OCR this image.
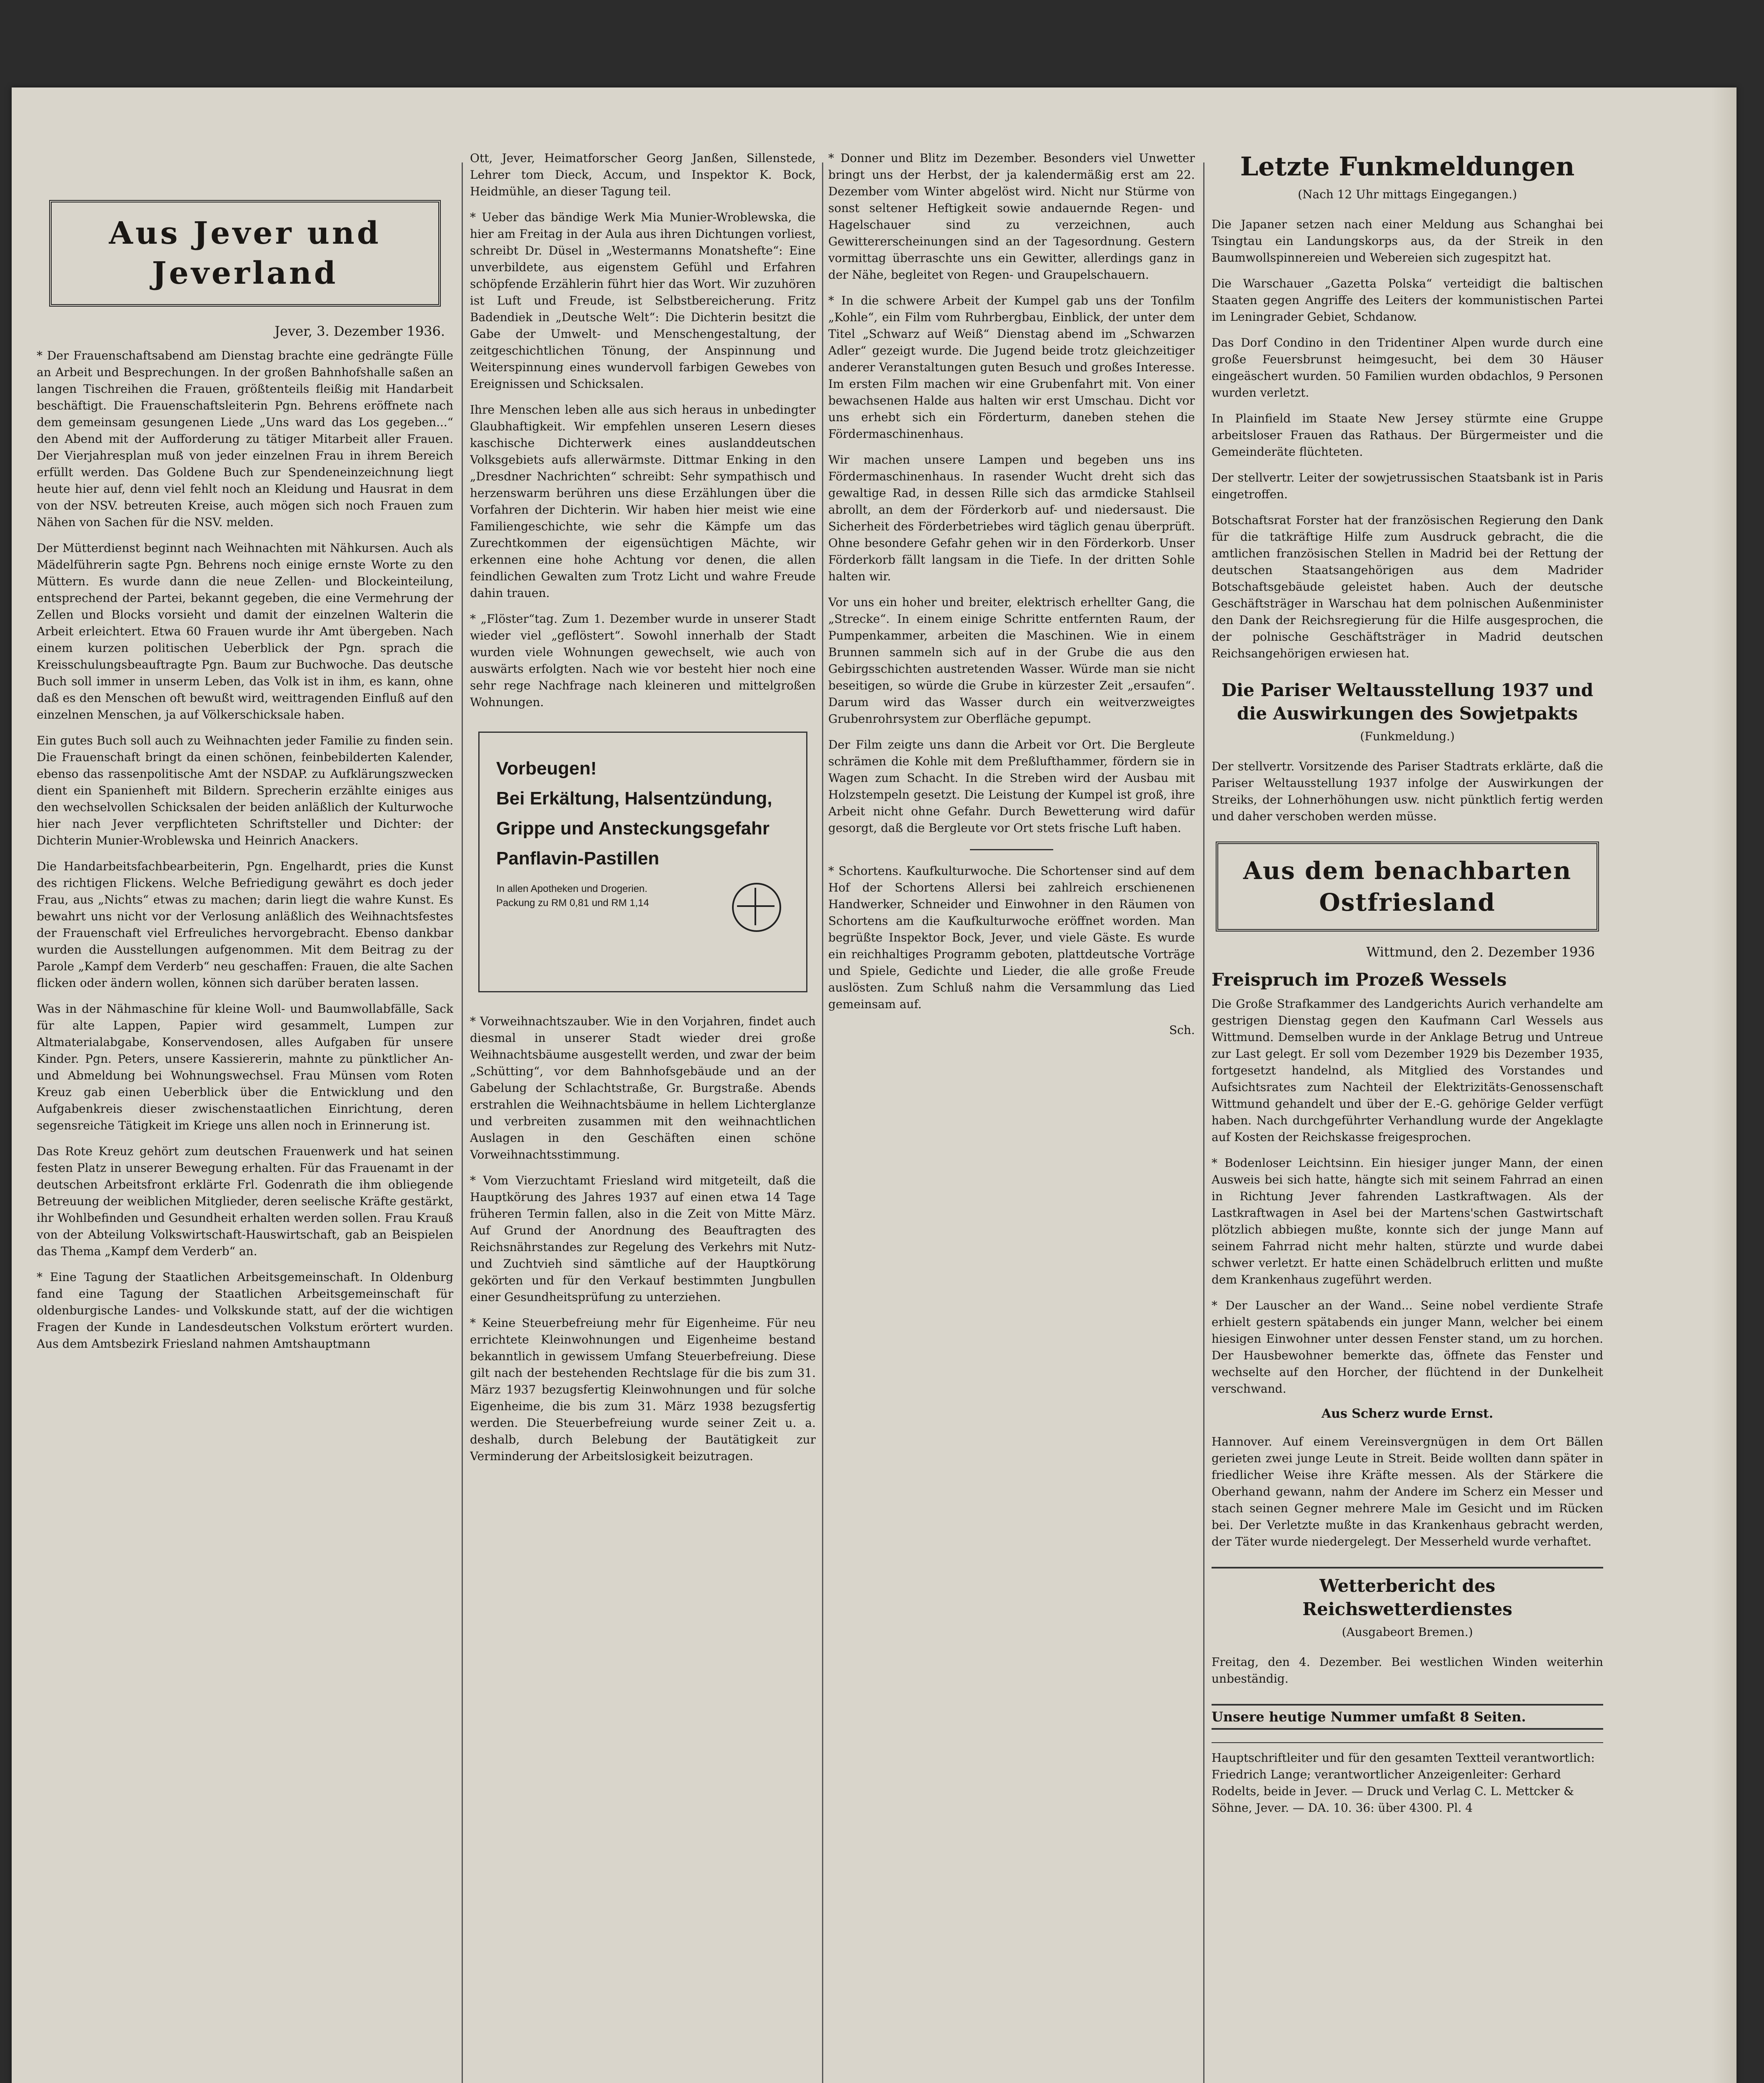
Aus Jever und Jeverland
Jever, 3. Dezember 1936.

* Der Frauenschaftsabend am Dienstag brachte eine gedrängte Fülle an Arbeit und Besprechungen. In der großen Bahnhofshalle saßen an langen Tischreihen die Frauen, größtenteils fleißig mit Handarbeit beschäftigt. Die Frauenschaftsleiterin Pgn. Behrens eröffnete nach dem gemeinsam gesungenen Liede „Uns ward das Los gegeben...“ den Abend mit der Aufforderung zu tätiger Mitarbeit aller Frauen. Der Vierjahresplan muß von jeder einzelnen Frau in ihrem Bereich erfüllt werden. Das Goldene Buch zur Spendeneinzeichnung liegt heute hier auf, denn viel fehlt noch an Kleidung und Hausrat in dem von der NSV. betreuten Kreise, auch mögen sich noch Frauen zum Nähen von Sachen für die NSV. melden.

Der Mütterdienst beginnt nach Weihnachten mit Nähkursen. Auch als Mädelführerin sagte Pgn. Behrens noch einige ernste Worte zu den Müttern. Es wurde dann die neue Zellen- und Blockeinteilung, entsprechend der Partei, bekannt gegeben, die eine Vermehrung der Zellen und Blocks vorsieht und damit der einzelnen Walterin die Arbeit erleichtert. Etwa 60 Frauen wurde ihr Amt übergeben. Nach einem kurzen politischen Ueberblick der Pgn. sprach die Kreisschulungsbeauftragte Pgn. Baum zur Buchwoche. Das deutsche Buch soll immer in unserm Leben, das Volk ist in ihm, es kann, ohne daß es den Menschen oft bewußt wird, weittragenden Einfluß auf den einzelnen Menschen, ja auf Völkerschicksale haben.

Ein gutes Buch soll auch zu Weihnachten jeder Familie zu finden sein. Die Frauenschaft bringt da einen schönen, feinbebilderten Kalender, ebenso das rassenpolitische Amt der NSDAP. zu Aufklärungszwecken dient ein Spanienheft mit Bildern. Sprecherin erzählte einiges aus den wechselvollen Schicksalen der beiden anläßlich der Kulturwoche hier nach Jever verpflichteten Schriftsteller und Dichter: der Dichterin Munier-Wroblewska und Heinrich Anackers.

Die Handarbeitsfachbearbeiterin, Pgn. Engelhardt, pries die Kunst des richtigen Flickens. Welche Befriedigung gewährt es doch jeder Frau, aus „Nichts“ etwas zu machen; darin liegt die wahre Kunst. Es bewahrt uns nicht vor der Verlosung anläßlich des Weihnachtsfestes der Frauenschaft viel Erfreuliches hervorgebracht. Ebenso dankbar wurden die Ausstellungen aufgenommen. Mit dem Beitrag zu der Parole „Kampf dem Verderb“ neu geschaffen: Frauen, die alte Sachen flicken oder ändern wollen, können sich darüber beraten lassen.

Was in der Nähmaschine für kleine Woll- und Baumwollabfälle, Sack für alte Lappen, Papier wird gesammelt, Lumpen zur Altmaterialabgabe, Konservendosen, alles Aufgaben für unsere Kinder. Pgn. Peters, unsere Kassiererin, mahnte zu pünktlicher An- und Abmeldung bei Wohnungswechsel. Frau Münsen vom Roten Kreuz gab einen Ueberblick über die Entwicklung und den Aufgabenkreis dieser zwischenstaatlichen Einrichtung, deren segensreiche Tätigkeit im Kriege uns allen noch in Erinnerung ist.

Das Rote Kreuz gehört zum deutschen Frauenwerk und hat seinen festen Platz in unserer Bewegung erhalten. Für das Frauenamt in der deutschen Arbeitsfront erklärte Frl. Godenrath die ihm obliegende Betreuung der weiblichen Mitglieder, deren seelische Kräfte gestärkt, ihr Wohlbefinden und Gesundheit erhalten werden sollen. Frau Krauß von der Abteilung Volkswirtschaft-Hauswirtschaft, gab an Beispielen das Thema „Kampf dem Verderb“ an.

* Eine Tagung der Staatlichen Arbeitsgemeinschaft. In Oldenburg fand eine Tagung der Staatlichen Arbeitsgemeinschaft für oldenburgische Landes- und Volkskunde statt, auf der die wichtigen Fragen der Kunde in Landesdeutschen Volkstum erörtert wurden. Aus dem Amtsbezirk Friesland nahmen Amtshauptmann

Ott, Jever, Heimatforscher Georg Janßen, Sillenstede, Lehrer tom Dieck, Accum, und Inspektor K. Bock, Heidmühle, an dieser Tagung teil.

* Ueber das bändige Werk Mia Munier-Wroblewska, die hier am Freitag in der Aula aus ihren Dichtungen vorliest, schreibt Dr. Düsel in „Westermanns Monatshefte“: Eine unverbildete, aus eigenstem Gefühl und Erfahren schöpfende Erzählerin führt hier das Wort. Wir zuzuhören ist Luft und Freude, ist Selbstbereicherung. Fritz Badendiek in „Deutsche Welt“: Die Dichterin besitzt die Gabe der Umwelt- und Menschengestaltung, der zeitgeschichtlichen Tönung, der Anspinnung und Weiterspinnung eines wundervoll farbigen Gewebes von Ereignissen und Schicksalen.

Ihre Menschen leben alle aus sich heraus in unbedingter Glaubhaftigkeit. Wir empfehlen unseren Lesern dieses kaschische Dichterwerk eines auslanddeutschen Volksgebiets aufs allerwärmste. Dittmar Enking in den „Dresdner Nachrichten“ schreibt: Sehr sympathisch und herzenswarm berühren uns diese Erzählungen über die Vorfahren der Dichterin. Wir haben hier meist wie eine Familiengeschichte, wie sehr die Kämpfe um das Zurechtkommen der eigensüchtigen Mächte, wir erkennen eine hohe Achtung vor denen, die allen feindlichen Gewalten zum Trotz Licht und wahre Freude dahin trauen.

* „Flöster“tag. Zum 1. Dezember wurde in unserer Stadt wieder viel „geflöstert“. Sowohl innerhalb der Stadt wurden viele Wohnungen gewechselt, wie auch von auswärts erfolgten. Nach wie vor besteht hier noch eine sehr rege Nachfrage nach kleineren und mittelgroßen Wohnungen.

Vorbeugen!
Bei Erkältung, Halsentzündung,
Grippe und Ansteckungsgefahr
Panflavin-Pastillen
In allen Apotheken und Drogerien.
Packung zu RM 0,81 und RM 1,14

* Vorweihnachtszauber. Wie in den Vorjahren, findet auch diesmal in unserer Stadt wieder drei große Weihnachtsbäume ausgestellt werden, und zwar der beim „Schütting“, vor dem Bahnhofsgebäude und an der Gabelung der Schlachtstraße, Gr. Burgstraße. Abends erstrahlen die Weihnachtsbäume in hellem Lichterglanze und verbreiten zusammen mit den weihnachtlichen Auslagen in den Geschäften einen schöne Vorweihnachtsstimmung.

* Vom Vierzuchtamt Friesland wird mitgeteilt, daß die Hauptkörung des Jahres 1937 auf einen etwa 14 Tage früheren Termin fallen, also in die Zeit von Mitte März. Auf Grund der Anordnung des Beauftragten des Reichsnährstandes zur Regelung des Verkehrs mit Nutz- und Zuchtvieh sind sämtliche auf der Hauptkörung gekörten und für den Verkauf bestimmten Jungbullen einer Gesundheitsprüfung zu unterziehen.

* Keine Steuerbefreiung mehr für Eigenheime. Für neu errichtete Kleinwohnungen und Eigenheime bestand bekanntlich in gewissem Umfang Steuerbefreiung. Diese gilt nach der bestehenden Rechtslage für die bis zum 31. März 1937 bezugsfertig Kleinwohnungen und für solche Eigenheime, die bis zum 31. März 1938 bezugsfertig werden. Die Steuerbefreiung wurde seiner Zeit u. a. deshalb, durch Belebung der Bautätigkeit zur Verminderung der Arbeitslosigkeit beizutragen.

* Donner und Blitz im Dezember. Besonders viel Unwetter bringt uns der Herbst, der ja kalendermäßig erst am 22. Dezember vom Winter abgelöst wird. Nicht nur Stürme von sonst seltener Heftigkeit sowie andauernde Regen- und Hagelschauer sind zu verzeichnen, auch Gewittererscheinungen sind an der Tagesordnung. Gestern vormittag überraschte uns ein Gewitter, allerdings ganz in der Nähe, begleitet von Regen- und Graupelschauern.

* In die schwere Arbeit der Kumpel gab uns der Tonfilm „Kohle“, ein Film vom Ruhrbergbau, Einblick, der unter dem Titel „Schwarz auf Weiß“ Dienstag abend im „Schwarzen Adler“ gezeigt wurde. Die Jugend beide trotz gleichzeitiger anderer Veranstaltungen guten Besuch und großes Interesse. Im ersten Film machen wir eine Grubenfahrt mit. Von einer bewachsenen Halde aus halten wir erst Umschau. Dicht vor uns erhebt sich ein Förderturm, daneben stehen die Fördermaschinenhaus.

Wir machen unsere Lampen und begeben uns ins Fördermaschinenhaus. In rasender Wucht dreht sich das gewaltige Rad, in dessen Rille sich das armdicke Stahlseil abrollt, an dem der Förderkorb auf- und niedersaust. Die Sicherheit des Förderbetriebes wird täglich genau überprüft. Ohne besondere Gefahr gehen wir in den Förderkorb. Unser Förderkorb fällt langsam in die Tiefe. In der dritten Sohle halten wir.

Vor uns ein hoher und breiter, elektrisch erhellter Gang, die „Strecke“. In einem einige Schritte entfernten Raum, der Pumpenkammer, arbeiten die Maschinen. Wie in einem Brunnen sammeln sich auf in der Grube die aus den Gebirgsschichten austretenden Wasser. Würde man sie nicht beseitigen, so würde die Grube in kürzester Zeit „ersaufen“. Darum wird das Wasser durch ein weitverzweigtes Grubenrohrsystem zur Oberfläche gepumpt.

Der Film zeigte uns dann die Arbeit vor Ort. Die Bergleute schrämen die Kohle mit dem Preßlufthammer, fördern sie in Wagen zum Schacht. In die Streben wird der Ausbau mit Holzstempeln gesetzt. Die Leistung der Kumpel ist groß, ihre Arbeit nicht ohne Gefahr. Durch Bewetterung wird dafür gesorgt, daß die Bergleute vor Ort stets frische Luft haben.

* Schortens. Kaufkulturwoche. Die Schortenser sind auf dem Hof der Schortens Allersi bei zahlreich erschienenen Handwerker, Schneider und Einwohner in den Räumen von Schortens am die Kaufkulturwoche eröffnet worden. Man begrüßte Inspektor Bock, Jever, und viele Gäste. Es wurde ein reichhaltiges Programm geboten, plattdeutsche Vorträge und Spiele, Gedichte und Lieder, die alle große Freude auslösten. Zum Schluß nahm die Versammlung das Lied gemeinsam auf.

Sch.

Letzte Funkmeldungen
(Nach 12 Uhr mittags Eingegangen.)

Die Japaner setzen nach einer Meldung aus Schanghai bei Tsingtau ein Landungskorps aus, da der Streik in den Baumwollspinnereien und Webereien sich zugespitzt hat.

Die Warschauer „Gazetta Polska“ verteidigt die baltischen Staaten gegen Angriffe des Leiters der kommunistischen Partei im Leningrader Gebiet, Schdanow.

Das Dorf Condino in den Tridentiner Alpen wurde durch eine große Feuersbrunst heimgesucht, bei dem 30 Häuser eingeäschert wurden. 50 Familien wurden obdachlos, 9 Personen wurden verletzt.

In Plainfield im Staate New Jersey stürmte eine Gruppe arbeitsloser Frauen das Rathaus. Der Bürgermeister und die Gemeinderäte flüchteten.

Der stellvertr. Leiter der sowjetrussischen Staatsbank ist in Paris eingetroffen.

Botschaftsrat Forster hat der französischen Regierung den Dank für die tatkräftige Hilfe zum Ausdruck gebracht, die die amtlichen französischen Stellen in Madrid bei der Rettung der deutschen Staatsangehörigen aus dem Madrider Botschaftsgebäude geleistet haben. Auch der deutsche Geschäftsträger in Warschau hat dem polnischen Außenminister den Dank der Reichsregierung für die Hilfe ausgesprochen, die der polnische Geschäftsträger in Madrid deutschen Reichsangehörigen erwiesen hat.

Die Pariser Weltausstellung 1937 und die Auswirkungen des Sowjetpakts
(Funkmeldung.)

Der stellvertr. Vorsitzende des Pariser Stadtrats erklärte, daß die Pariser Weltausstellung 1937 infolge der Auswirkungen der Streiks, der Lohnerhöhungen usw. nicht pünktlich fertig werden und daher verschoben werden müsse.

Aus dem benachbarten Ostfriesland
Wittmund, den 2. Dezember 1936
Freispruch im Prozeß Wessels

Die Große Strafkammer des Landgerichts Aurich verhandelte am gestrigen Dienstag gegen den Kaufmann Carl Wessels aus Wittmund. Demselben wurde in der Anklage Betrug und Untreue zur Last gelegt. Er soll vom Dezember 1929 bis Dezember 1935, fortgesetzt handelnd, als Mitglied des Vorstandes und Aufsichtsrates zum Nachteil der Elektrizitäts-Genossenschaft Wittmund gehandelt und über der E.-G. gehörige Gelder verfügt haben. Nach durchgeführter Verhandlung wurde der Angeklagte auf Kosten der Reichskasse freigesprochen.

* Bodenloser Leichtsinn. Ein hiesiger junger Mann, der einen Ausweis bei sich hatte, hängte sich mit seinem Fahrrad an einen in Richtung Jever fahrenden Lastkraftwagen. Als der Lastkraftwagen in Asel bei der Martens'schen Gastwirtschaft plötzlich abbiegen mußte, konnte sich der junge Mann auf seinem Fahrrad nicht mehr halten, stürzte und wurde dabei schwer verletzt. Er hatte einen Schädelbruch erlitten und mußte dem Krankenhaus zugeführt werden.

* Der Lauscher an der Wand... Seine nobel verdiente Strafe erhielt gestern spätabends ein junger Mann, welcher bei einem hiesigen Einwohner unter dessen Fenster stand, um zu horchen. Der Hausbewohner bemerkte das, öffnete das Fenster und wechselte auf den Horcher, der flüchtend in der Dunkelheit verschwand.

Aus Scherz wurde Ernst.

Hannover. Auf einem Vereinsvergnügen in dem Ort Bällen gerieten zwei junge Leute in Streit. Beide wollten dann später in friedlicher Weise ihre Kräfte messen. Als der Stärkere die Oberhand gewann, nahm der Andere im Scherz ein Messer und stach seinen Gegner mehrere Male im Gesicht und im Rücken bei. Der Verletzte mußte in das Krankenhaus gebracht werden, der Täter wurde niedergelegt. Der Messerheld wurde verhaftet.

Wetterbericht des Reichswetterdienstes
(Ausgabeort Bremen.)

Freitag, den 4. Dezember. Bei westlichen Winden weiterhin unbeständig.

Unsere heutige Nummer umfaßt 8 Seiten.
Hauptschriftleiter und für den gesamten Textteil verantwortlich: Friedrich Lange; verantwortlicher Anzeigenleiter: Gerhard Rodelts, beide in Jever. — Druck und Verlag C. L. Mettcker & Söhne, Jever. — DA. 10. 36: über 4300. Pl. 4
